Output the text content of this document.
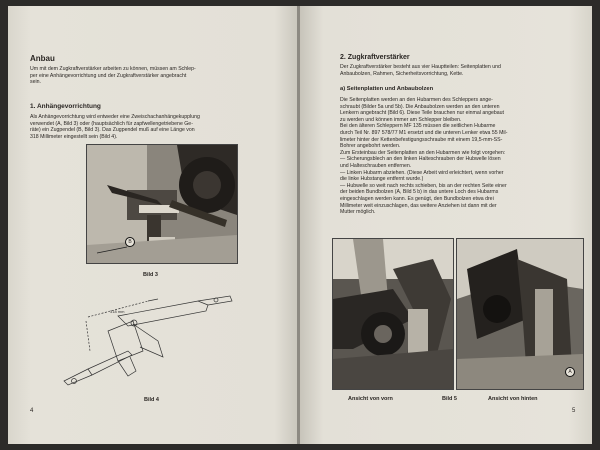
Anbau

Um mit dem Zugkraftverstärker arbeiten zu können, müssen am Schlep-

per eine Anhängevorrichtung und der Zugkraftverstärker angebracht

sein.

1. Anhängevorrichtung

Als Anhängevorrichtung wird entweder eine Zweischachanhängekupplung

verwendet (A, Bild 3) oder (hauptsächlich für zapfwellengetriebene Ge-

räte) ein Zugpendel (B, Bild 3). Das Zugpendel muß auf eine Länge von

318 Millimeter eingestellt sein (Bild 4).

B
Bild 3
318 mm
Bild 4
4
2. Zugkraftverstärker

Der Zugkraftverstärker besteht aus vier Hauptteilen: Seitenplatten und

Anbaubolzen, Rahmen, Sicherheitsvorrichtung, Kette.

a) Seitenplatten und Anbaubolzen

Die Seitenplatten werden an den Hubarmen des Schleppers ange-

schraubt (Bilder 5a und 5b). Die Anbaubolzen werden an den unteren

Lenkern angebracht (Bild 6). Diese Teile brauchen nur einmal angebaut

zu werden und können immer am Schlepper bleiben.

Bei den älteren Schleppern MF 135 müssen die seitlichen Hubarme

durch Teil Nr. 897 578/77 M1 ersetzt und die unteren Lenker etwa 55 Mil-

limeter hinter der Kettenbefestigungsschraube mit einem 19,5-mm-SS-

Bohrer angebohrt werden.

Zum Ersteinbau der Seitenplatten an den Hubarmen wie folgt vorgehen:

— Sicherungsblech an den linken Halteschrauben der Hubwelle lösen

und Halteschrauben entfernen.

— Linken Hubarm abziehen. (Diese Arbeit wird erleichtert, wenn vorher

die linke Hubstange entfernt wurde.)

— Hubwelle so weit nach rechts schieben, bis an der rechten Seite einer

der beiden Bundbolzen (A, Bild 5 b) in das untere Loch des Hubarms

eingeschlagen werden kann. Es genügt, den Bundbolzen etwa drei

Millimeter weit einzuschlagen, das weitere Anziehen ist dann mit der

Mutter möglich.

A
Ansicht von vorn	Bild 5	Ansicht von hinten
5
